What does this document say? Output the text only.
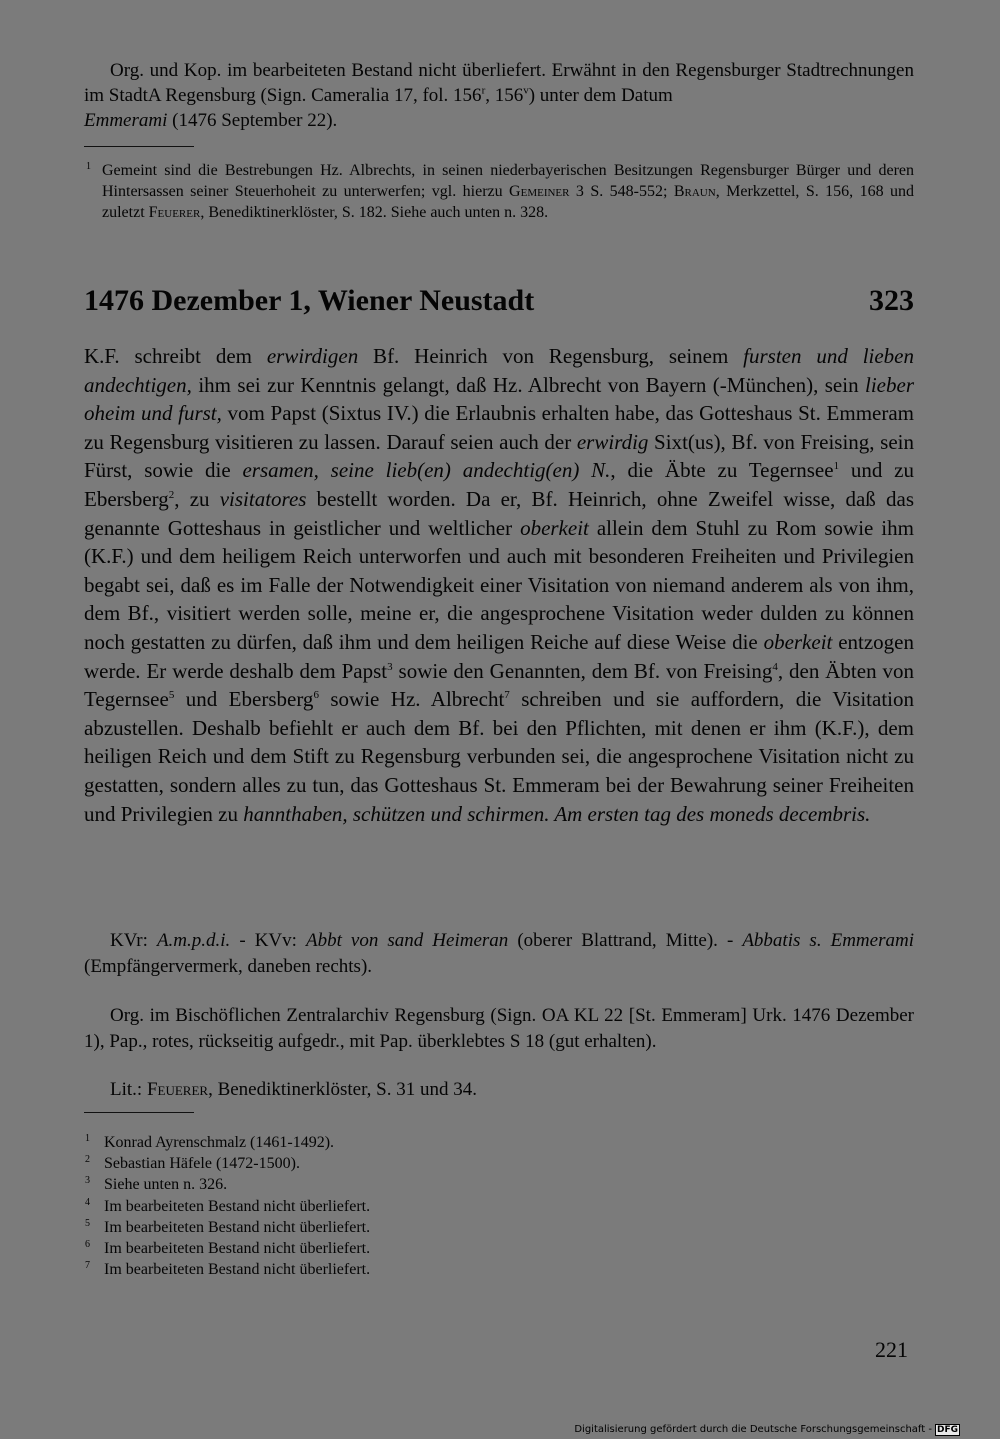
Org. und Kop. im bearbeiteten Bestand nicht überliefert. Erwähnt in den Regensburger Stadtrechnungen im StadtA Regensburg (Sign. Cameralia 17, fol. 156$^r$, 156$^v$) unter dem Datum
Emmerami (1476 September 22).

1 Gemeint sind die Bestrebungen Hz. Albrechts, in seinen niederbayerischen Besitzungen Regensburger Bürger und deren Hintersassen seiner Steuerhoheit zu unterwerfen; vgl. hierzu Gemeiner 3 S. 548-552; Braun, Merkzettel, S. 156, 168 und zuletzt Feuerer, Benediktinerklöster, S. 182. Siehe auch unten n. 328.

1476 Dezember 1, Wiener Neustadt	323

K.F. schreibt dem erwirdigen Bf. Heinrich von Regensburg, seinem fursten und lieben andechtigen, ihm sei zur Kenntnis gelangt, daß Hz. Albrecht von Bayern (-München), sein lieber oheim und furst, vom Papst (Sixtus IV.) die Erlaubnis erhalten habe, das Gotteshaus St. Emmeram zu Regensburg visitieren zu lassen. Darauf seien auch der erwirdig Sixt(us), Bf. von Freising, sein Fürst, sowie die ersamen, seine lieb(en) andechtig(en) N., die Äbte zu Tegernsee$^1$ und zu Ebersberg$^2$, zu visitatores bestellt worden. Da er, Bf. Heinrich, ohne Zweifel wisse, daß das genannte Gotteshaus in geistlicher und weltlicher oberkeit allein dem Stuhl zu Rom sowie ihm (K.F.) und dem heiligem Reich unterworfen und auch mit besonderen Freiheiten und Privilegien begabt sei, daß es im Falle der Notwendigkeit einer Visitation von niemand anderem als von ihm, dem Bf., visitiert werden solle, meine er, die angesprochene Visitation weder dulden zu können noch gestatten zu dürfen, daß ihm und dem heiligen Reiche auf diese Weise die oberkeit entzogen werde. Er werde deshalb dem Papst$^3$ sowie den Genannten, dem Bf. von Freising$^4$, den Äbten von Tegernsee$^5$ und Ebersberg$^6$ sowie Hz. Albrecht$^7$ schreiben und sie auffordern, die Visitation abzustellen. Deshalb befiehlt er auch dem Bf. bei den Pflichten, mit denen er ihm (K.F.), dem heiligen Reich und dem Stift zu Regensburg verbunden sei, die angesprochene Visitation nicht zu gestatten, sondern alles zu tun, das Gotteshaus St. Emmeram bei der Bewahrung seiner Freiheiten und Privilegien zu hannthaben, schützen und schirmen. Am ersten tag des moneds decembris.

KVr: A.m.p.d.i. - KVv: Abbt von sand Heimeran (oberer Blattrand, Mitte). - Abbatis s. Emmerami (Empfängervermerk, daneben rechts).

Org. im Bischöflichen Zentralarchiv Regensburg (Sign. OA KL 22 [St. Emmeram] Urk. 1476 Dezember 1), Pap., rotes, rückseitig aufgedr., mit Pap. überklebtes S 18 (gut erhalten).

Lit.: Feuerer, Benediktinerklöster, S. 31 und 34.

1 Konrad Ayrenschmalz (1461-1492).
2 Sebastian Häfele (1472-1500).
3 Siehe unten n. 326.
4 Im bearbeiteten Bestand nicht überliefert.
5 Im bearbeiteten Bestand nicht überliefert.
6 Im bearbeiteten Bestand nicht überliefert.
7 Im bearbeiteten Bestand nicht überliefert.
221
Digitalisierung gefördert durch die Deutsche Forschungsgemeinschaft - DFG
